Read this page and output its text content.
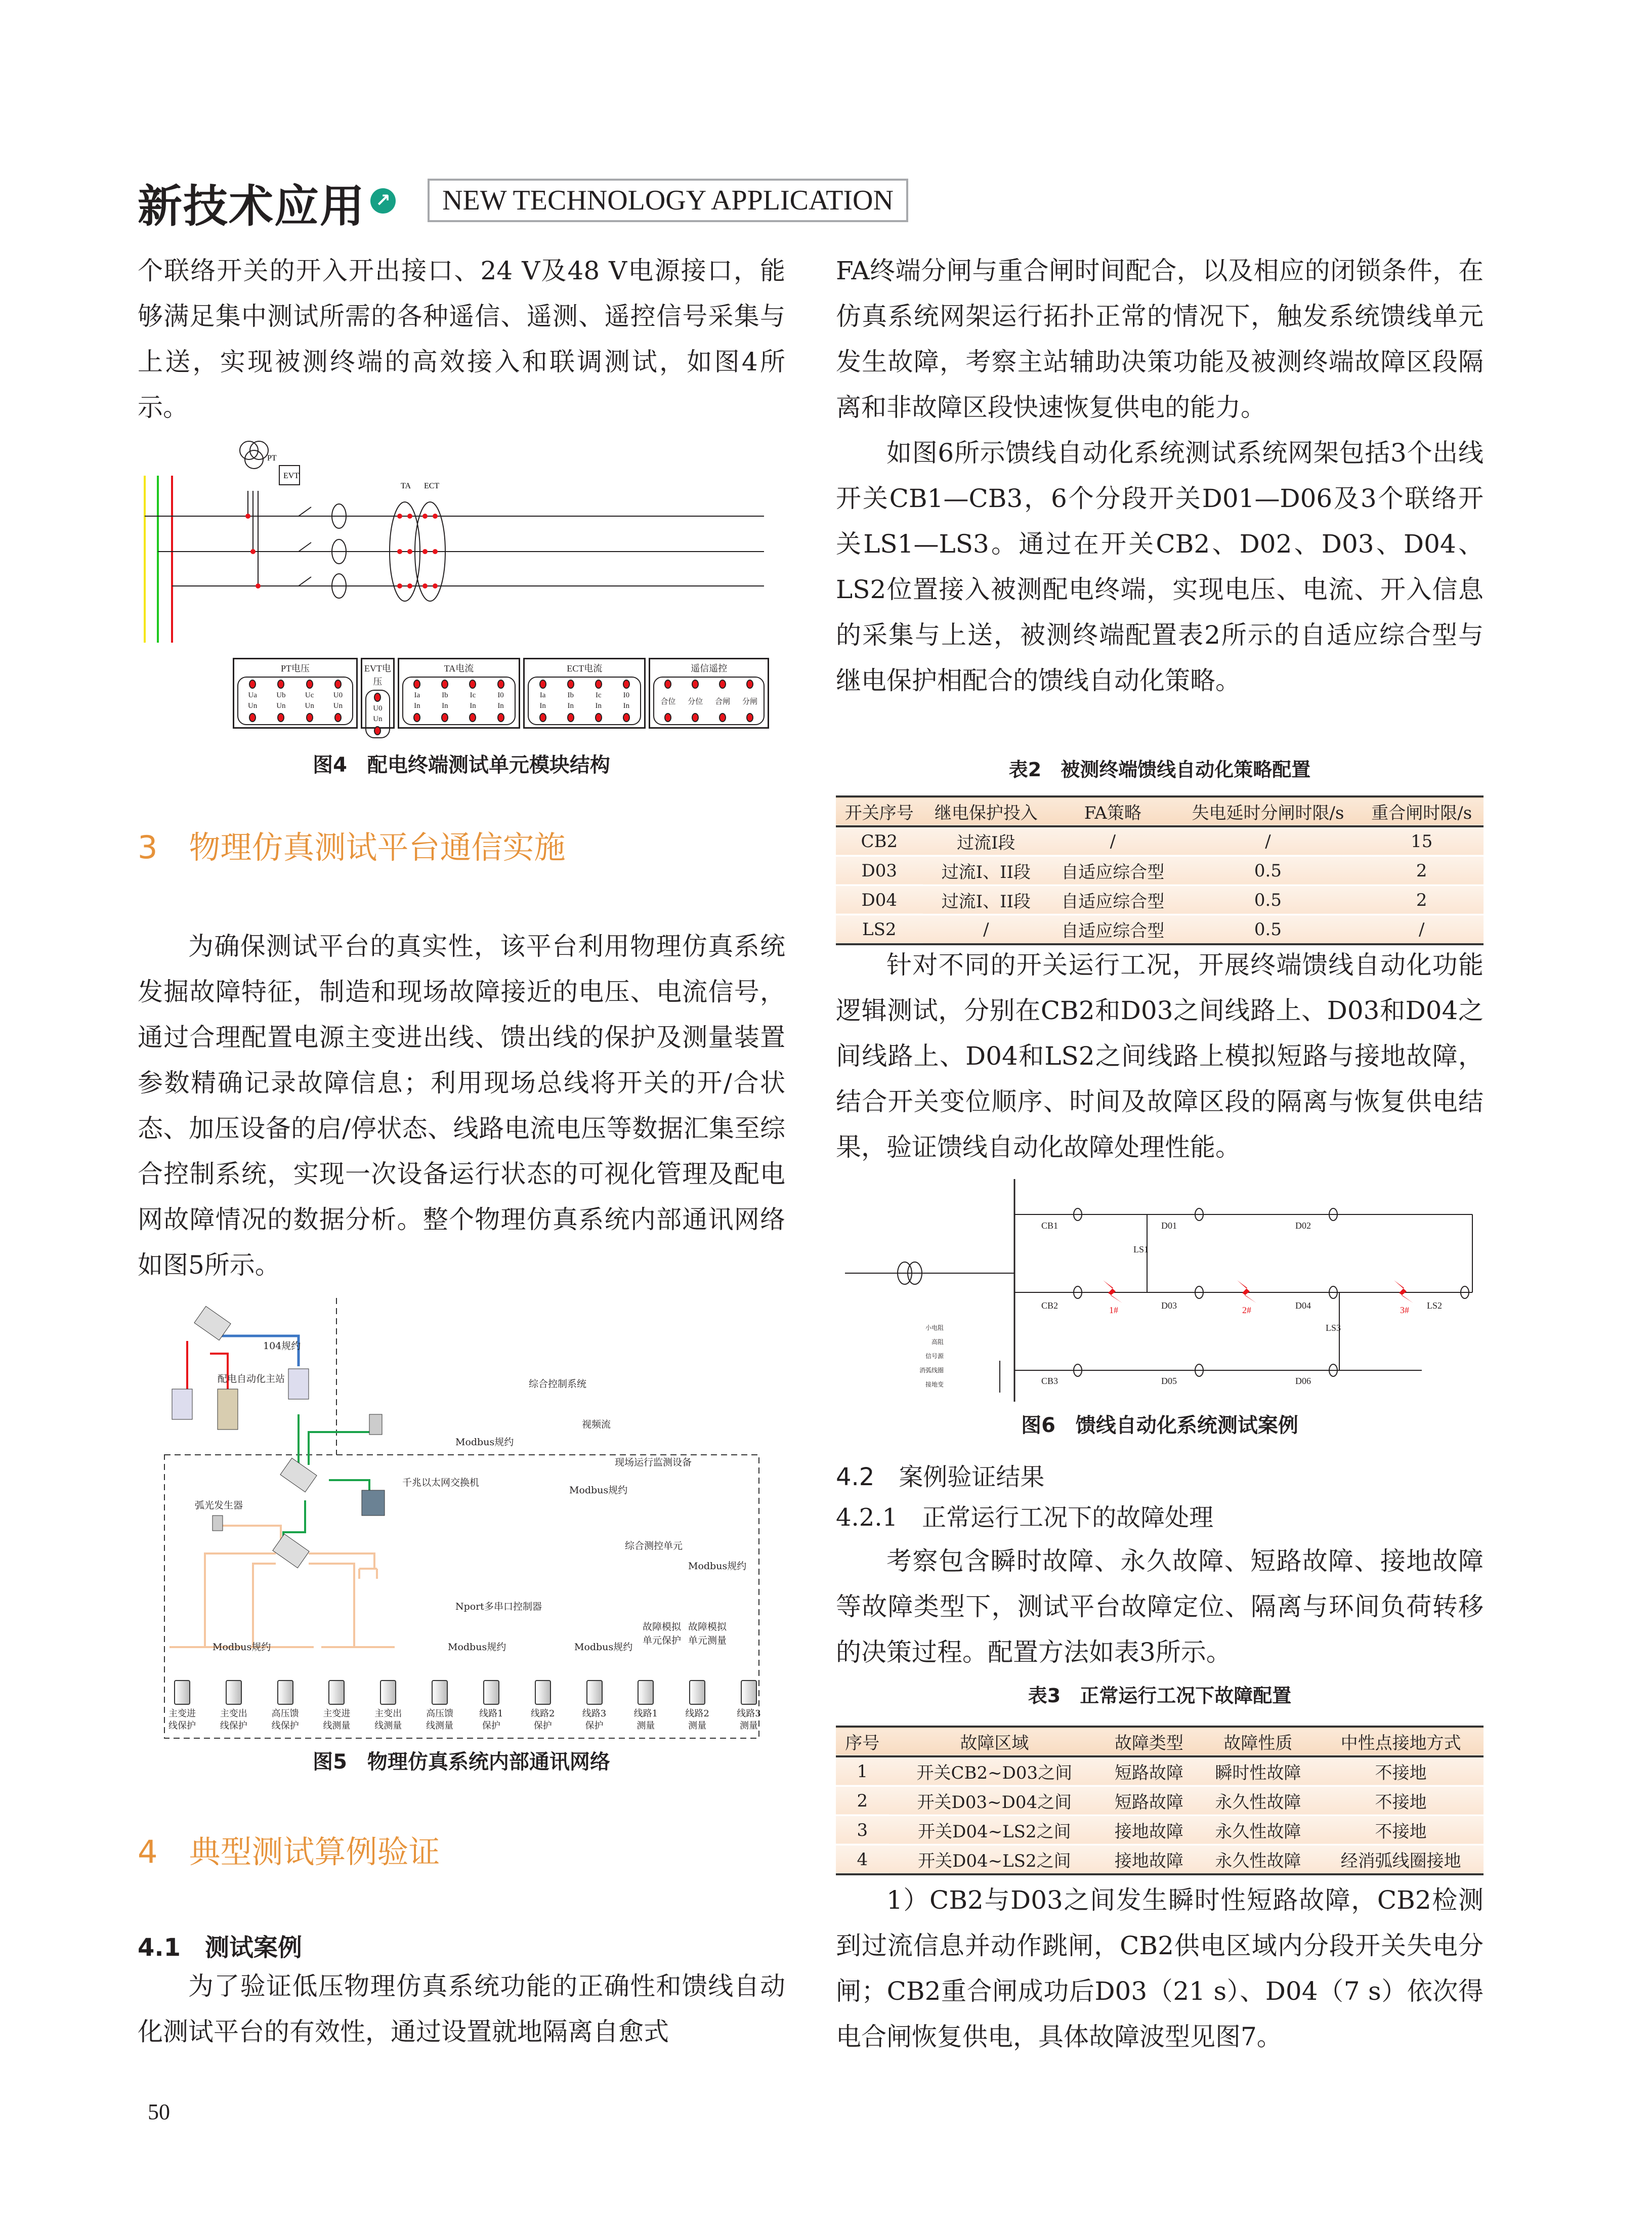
新技术应用 ↗	NEW TECHNOLOGY APPLICATION

个联络开关的开入开出接口、24 V及48 V电源接口，能够满足集中测试所需的各种遥信、遥测、遥控信号采集与上送，实现被测终端的高效接入和联调测试，如图4所示。

PT
EVT
TA ECT
PT电压
Ua
Un
Ub
Un
Uc
Un
U0
Un
EVT电压
U0
Un
TA电流
Ia
In
Ib
In
Ic
In
I0
In
ECT电流
Ia
In
Ib
In
Ic
In
I0
In
遥信遥控
合位 分位 合闸 分闸
图4　配电终端测试单元模块结构
3　物理仿真测试平台通信实施

为确保测试平台的真实性，该平台利用物理仿真系统发掘故障特征，制造和现场故障接近的电压、电流信号，通过合理配置电源主变进出线、馈出线的保护及测量装置参数精确记录故障信息；利用现场总线将开关的开/合状态、加压设备的启/停状态、线路电流电压等数据汇集至综合控制系统，实现一次设备运行状态的可视化管理及配电网故障情况的数据分析。整个物理仿真系统内部通讯网络如图5所示。

104规约
配电自动化主站	综合控制系统
视频流
Modbus规约
现场运行监测设备
千兆以太网交换机
Modbus规约
弧光发生器
综合测控单元
Modbus规约
Nport多串口控制器
故障模拟单元保护
故障模拟单元测量
Modbus规约	Modbus规约	Modbus规约
主变进线保护
主变出线保护
高压馈线保护
主变进线测量
主变出线测量
高压馈线测量
线路1保护
线路2保护
线路3保护
线路1测量
线路2测量
线路3测量
图5　物理仿真系统内部通讯网络
4　典型测试算例验证
4.1　测试案例

为了验证低压物理仿真系统功能的正确性和馈线自动化测试平台的有效性，通过设置就地隔离自愈式

50

FA终端分闸与重合闸时间配合，以及相应的闭锁条件，在仿真系统网架运行拓扑正常的情况下，触发系统馈线单元发生故障，考察主站辅助决策功能及被测终端故障区段隔离和非故障区段快速恢复供电的能力。

如图6所示馈线自动化系统测试系统网架包括3个出线开关CB1—CB3，6个分段开关D01—D06及3个联络开关LS1—LS3。通过在开关CB2、D02、D03、D04、LS2位置接入被测配电终端，实现电压、电流、开入信息的采集与上送，被测终端配置表2所示的自适应综合型与继电保护相配合的馈线自动化策略。

表2　被测终端馈线自动化策略配置
开关序号	继电保护投入	FA策略	失电延时分闸时限/s	重合闸时限/s
CB2	过流I段	/	/	15
D03	过流I、II段	自适应综合型	0.5	2
D04	过流I、II段	自适应综合型	0.5	2
LS2	/	自适应综合型	0.5	/

针对不同的开关运行工况，开展终端馈线自动化功能逻辑测试，分别在CB2和D03之间线路上、D03和D04之间线路上、D04和LS2之间线路上模拟短路与接地故障，结合开关变位顺序、时间及故障区段的隔离与恢复供电结果，验证馈线自动化故障处理性能。

CB1	D01	D02
LS1
CB2	D03	D04	LS2
LS3
CB3	D05	D06
1#	2#	3#
小电阻
高阻
信号源
消弧线圈
接地变
图6　馈线自动化系统测试案例
4.2　案例验证结果
4.2.1　正常运行工况下的故障处理

考察包含瞬时故障、永久故障、短路故障、接地故障等故障类型下，测试平台故障定位、隔离与环间负荷转移的决策过程。配置方法如表3所示。

表3　正常运行工况下故障配置
序号	故障区域	故障类型	故障性质	中性点接地方式
1	开关CB2~D03之间	短路故障	瞬时性故障	不接地
2	开关D03~D04之间	短路故障	永久性故障	不接地
3	开关D04~LS2之间	接地故障	永久性故障	不接地
4	开关D04~LS2之间	接地故障	永久性故障	经消弧线圈接地

1）CB2与D03之间发生瞬时性短路故障，CB2检测到过流信息并动作跳闸，CB2供电区域内分段开关失电分闸；CB2重合闸成功后D03（21 s）、D04（7 s）依次得电合闸恢复供电，具体故障波型见图7。
